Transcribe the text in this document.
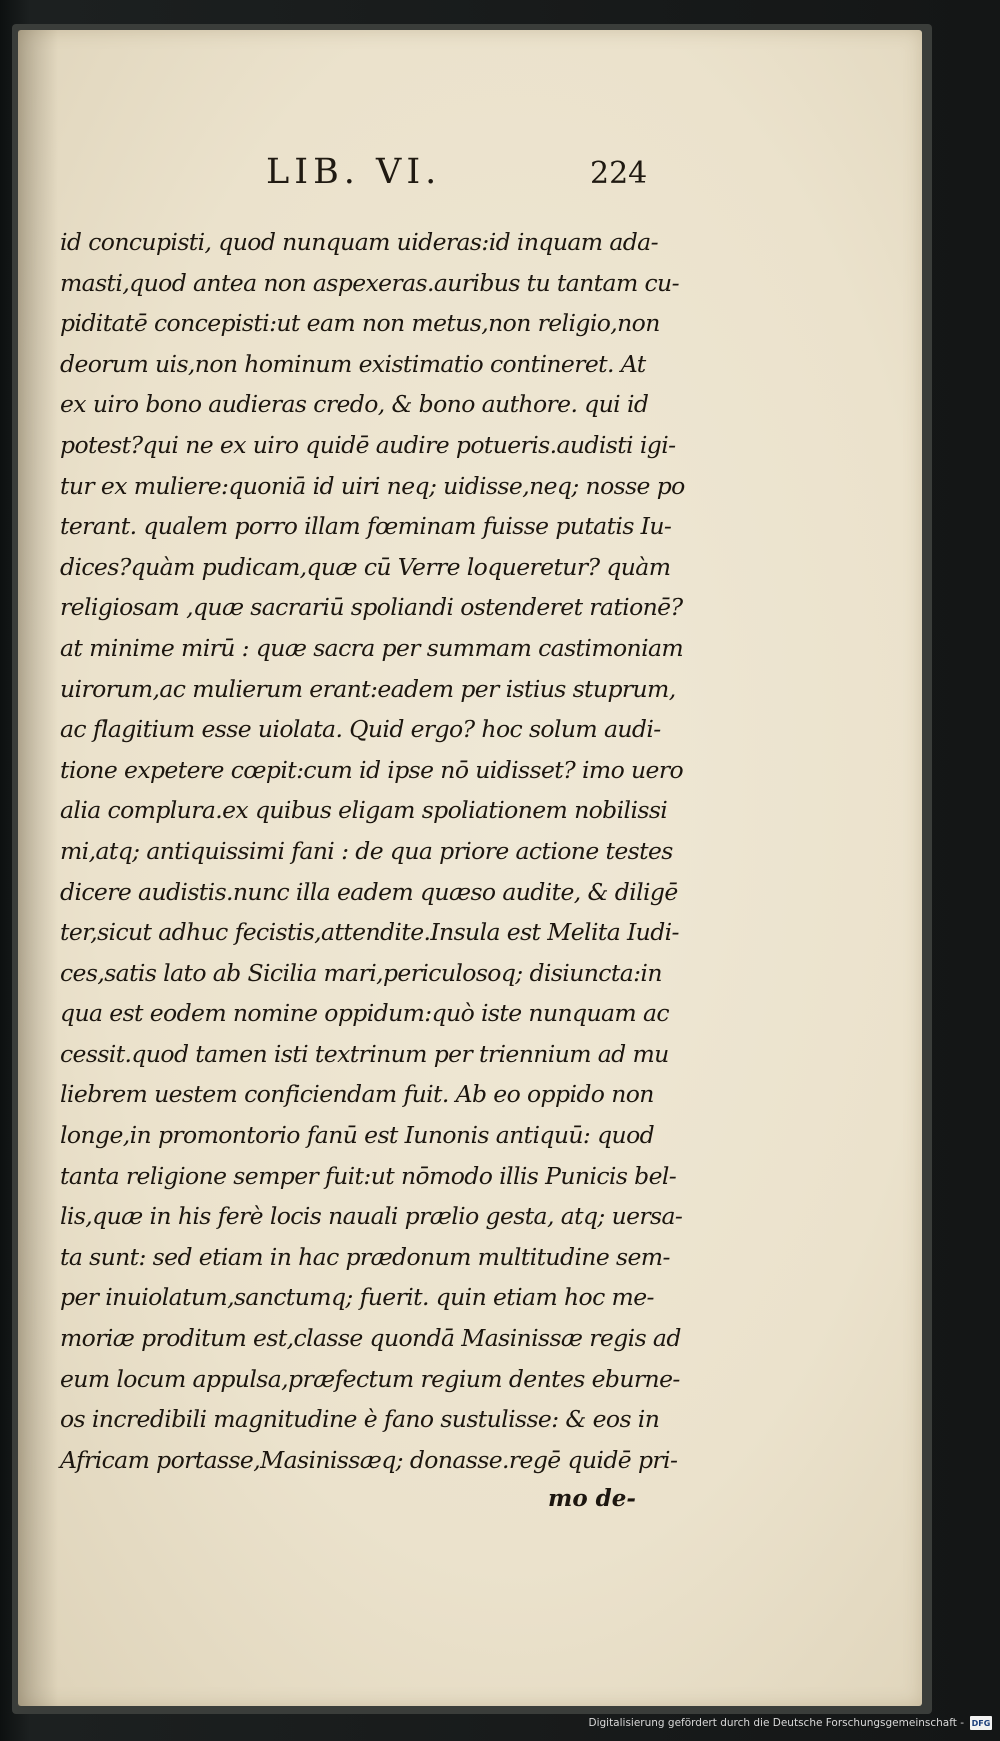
LIB. VI.	224
id concupisti, quod nunquam uideras:id inquam ada-
masti,quod antea non aspexeras.auribus tu tantam cu-
piditatē concepisti:ut eam non metus,non religio,non
deorum uis,non hominum existimatio contineret. At
ex uiro bono audieras credo, & bono authore. qui id
potest?qui ne ex uiro quidē audire potueris.audisti igi-
tur ex muliere:quoniā id uiri neq; uidisse,neq; nosse po
terant. qualem porro illam fœminam fuisse putatis Iu-
dices?quàm pudicam,quæ cū Verre loqueretur? quàm
religiosam ,quæ sacrariū spoliandi ostenderet rationē?
at minime mirū : quæ sacra per summam castimoniam
uirorum,ac mulierum erant:eadem per istius stuprum,
ac flagitium esse uiolata. Quid ergo? hoc solum audi-
tione expetere cœpit:cum id ipse nō uidisset? imo uero
alia complura.ex quibus eligam spoliationem nobilissi
mi,atq; antiquissimi fani : de qua priore actione testes
dicere audistis.nunc illa eadem quæso audite, & diligē
ter,sicut adhuc fecistis,attendite.Insula est Melita Iudi-
ces,satis lato ab Sicilia mari,periculosoq; disiuncta:in
qua est eodem nomine oppidum:quò iste nunquam ac
cessit.quod tamen isti textrinum per triennium ad mu
liebrem uestem conficiendam fuit. Ab eo oppido non
longe,in promontorio fanū est Iunonis antiquū: quod
tanta religione semper fuit:ut nōmodo illis Punicis bel-
lis,quæ in his ferè locis nauali prælio gesta, atq; uersa-
ta sunt: sed etiam in hac prædonum multitudine sem-
per inuiolatum,sanctumq; fuerit. quin etiam hoc me-
moriæ proditum est,classe quondā Masinissæ regis ad
eum locum appulsa,præfectum regium dentes eburne-
os incredibili magnitudine è fano sustulisse: & eos in
Africam portasse,Masinissæq; donasse.regē quidē pri-
mo de-
Digitalisierung gefördert durch die Deutsche Forschungsgemeinschaft - DFG
